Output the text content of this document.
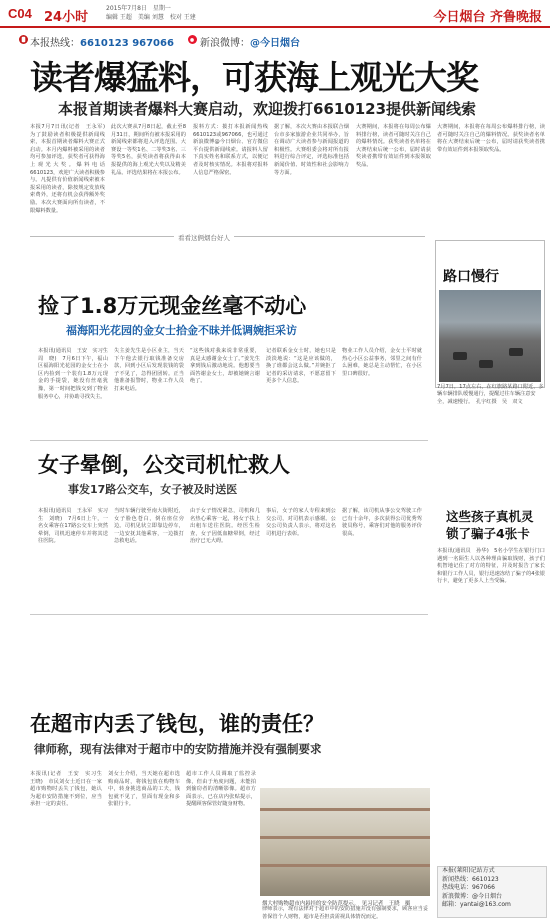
C04 24小时
2015年7月8日　星期一
编辑 王超　美编 刘慧　校对 王建	今日烟台 齐鲁晚报
本报热线：6610123 967066	新浪微博：@今日烟台
读者爆猛料，可获海上观光大奖
本报首期读者爆料大赛启动，欢迎拨打6610123提供新闻线索
本报7月7日讯(记者　王永军)　为了鼓励读者积极提供新闻线索，本报首期读者爆料大赛正式启动。本月内爆料被采用的读者均可参加评选，获奖者可获得海上观光大奖。爆料电话6610123，欢迎广大读者积极参与。凡提供有价值新闻线索被本报采用的读者，除按规定发放线索费外，还将有机会获得额外奖励。本次大赛面向所有读者，不限爆料数量。
此次大赛从7月8日起，截止至8月31日，期间所有被本报采用的新闻线索都将进入评选范围。大赛设一等奖1名、二等奖3名、三等奖5名，获奖读者将获得由本报提供的海上观光大奖以及精美礼品。评选结果将在本报公布。
报料方式：拨打本报新闻热线6610123或967066，也可通过新浪微博@今日烟台、官方微信平台提供新闻线索。请报料人留下真实姓名和联系方式，以便记者及时核实情况。本报将对报料人信息严格保密。
据了解，本次大赛由本报联合烟台市多家旅游企业共同举办，旨在调动广大读者参与新闻报道的积极性。大赛组委会将对所有报料进行综合评定，评选标准包括新闻价值、时效性和社会影响力等方面。
大赛期间，本报将在每周公布爆料排行榜，读者可随时关注自己的爆料情况。获奖读者名单将在大赛结束后统一公布，届时请获奖读者携带有效证件到本报领取奖品。
大赛期间，本报将在每周公布爆料排行榜，读者可随时关注自己的爆料情况。获奖读者名单将在大赛结束后统一公布，届时请获奖读者携带有效证件到本报领取奖品。
看看这俩烟台好人
捡了1.8万元现金丝毫不动心
福海阳光花园的金女士拾金不昧并低调婉拒采访
本报讯(通讯员　王安　实习生　周　晓)　7月6日下午，福山区福海阳光花园的金女士在小区内捡到一个装有1.8万元现金的手提袋，她没有丝毫犹豫，第一时间把钱交到了物业服务中心，并协助寻找失主。
失主姜先生是小区业主，当天下午他去银行取钱准备交房款，回到小区后发现装钱的袋子不见了，急得团团转。正当他准备报警时，物业工作人员打来电话。
“这些钱对我来说非常重要，真是太感谢金女士了。”姜先生拿到钱后激动地说。他想要当面答谢金女士，却被她婉言谢绝了。
记者联系金女士时，她也只是淡淡地说：“这是应该做的，换了谁都会这么做。”并婉拒了记者的采访请求，不愿意留下更多个人信息。
物业工作人员介绍，金女士平时就热心小区公益事务，邻里之间有什么困难，她总是主动帮忙，在小区里口碑很好。
女子晕倒，公交司机忙救人
事发17路公交车，女子被及时送医
本报讯(通讯员　王永军　实习生　刘晓)　7月6日上午，一名女乘客在17路公交车上突然晕倒，司机迅速停车并将其送往医院。
当时车辆行驶至南大街附近，女子脸色苍白，倒在座位旁边。司机见状立即靠边停车，一边安抚其他乘客，一边拨打急救电话。
由于女子情况紧急，司机和几名热心乘客一起，将女子扶上出租车送往医院。经医生检查，女子因低血糖晕倒，经过治疗已无大碍。
事后，女子的家人专程来到公交公司，对司机表示感谢。公交公司负责人表示，将对这名司机进行表彰。
据了解，该司机从事公交驾驶工作已有十余年，多次获得公司优秀驾驶员称号，乘客们对他的服务评价很高。
在超市内丢了钱包，谁的责任？
律师称，现有法律对于超市中的安防措施并没有强制要求
本报讯(记者　王安　实习生　王晓)　市民刘女士近日在一家超市购物时丢失了钱包，她认为超市安防措施不到位，应当承担一定的责任。
刘女士介绍，当天她在超市选购商品时，将钱包放在购物车中，转身挑选商品的工夫，钱包就不见了，里面有现金和多张银行卡。
超市工作人员调取了监控录像，但由于角度问题，未能拍到偷窃者的清晰影像。超市方面表示，已在店内张贴提示，提醒顾客保管好随身财物。
律师表示，现有法律对于超市中的安防措施并没有强制要求，顾客应当妥善保管个人财物，超市是否担责需视具体情况而定。
烟大村购物超市内悬挂的安全防范提示。　见习记者　王晓　摄
路口慢行
7月7日，17点左右，在红旗路某路口附近，多辆车辆排队缓慢通行，提醒过往车辆注意安全，减速慢行。　孔宇红摄　吴　双文
这些孩子真机灵 锁了骗子4张卡
本报讯(通讯员　孙华)　5名小学生在银行门口遇到一名陌生人以各种理由骗取钱财，孩子们机智地记住了对方的特征，并及时报告了家长和银行工作人员，银行迅速冻结了骗子的4张银行卡，避免了更多人上当受骗。
本报(莱阳)记站方式
新闻热线：6610123
热线电话：967066
新浪微博：@今日烟台
邮箱：yantai@163.com
